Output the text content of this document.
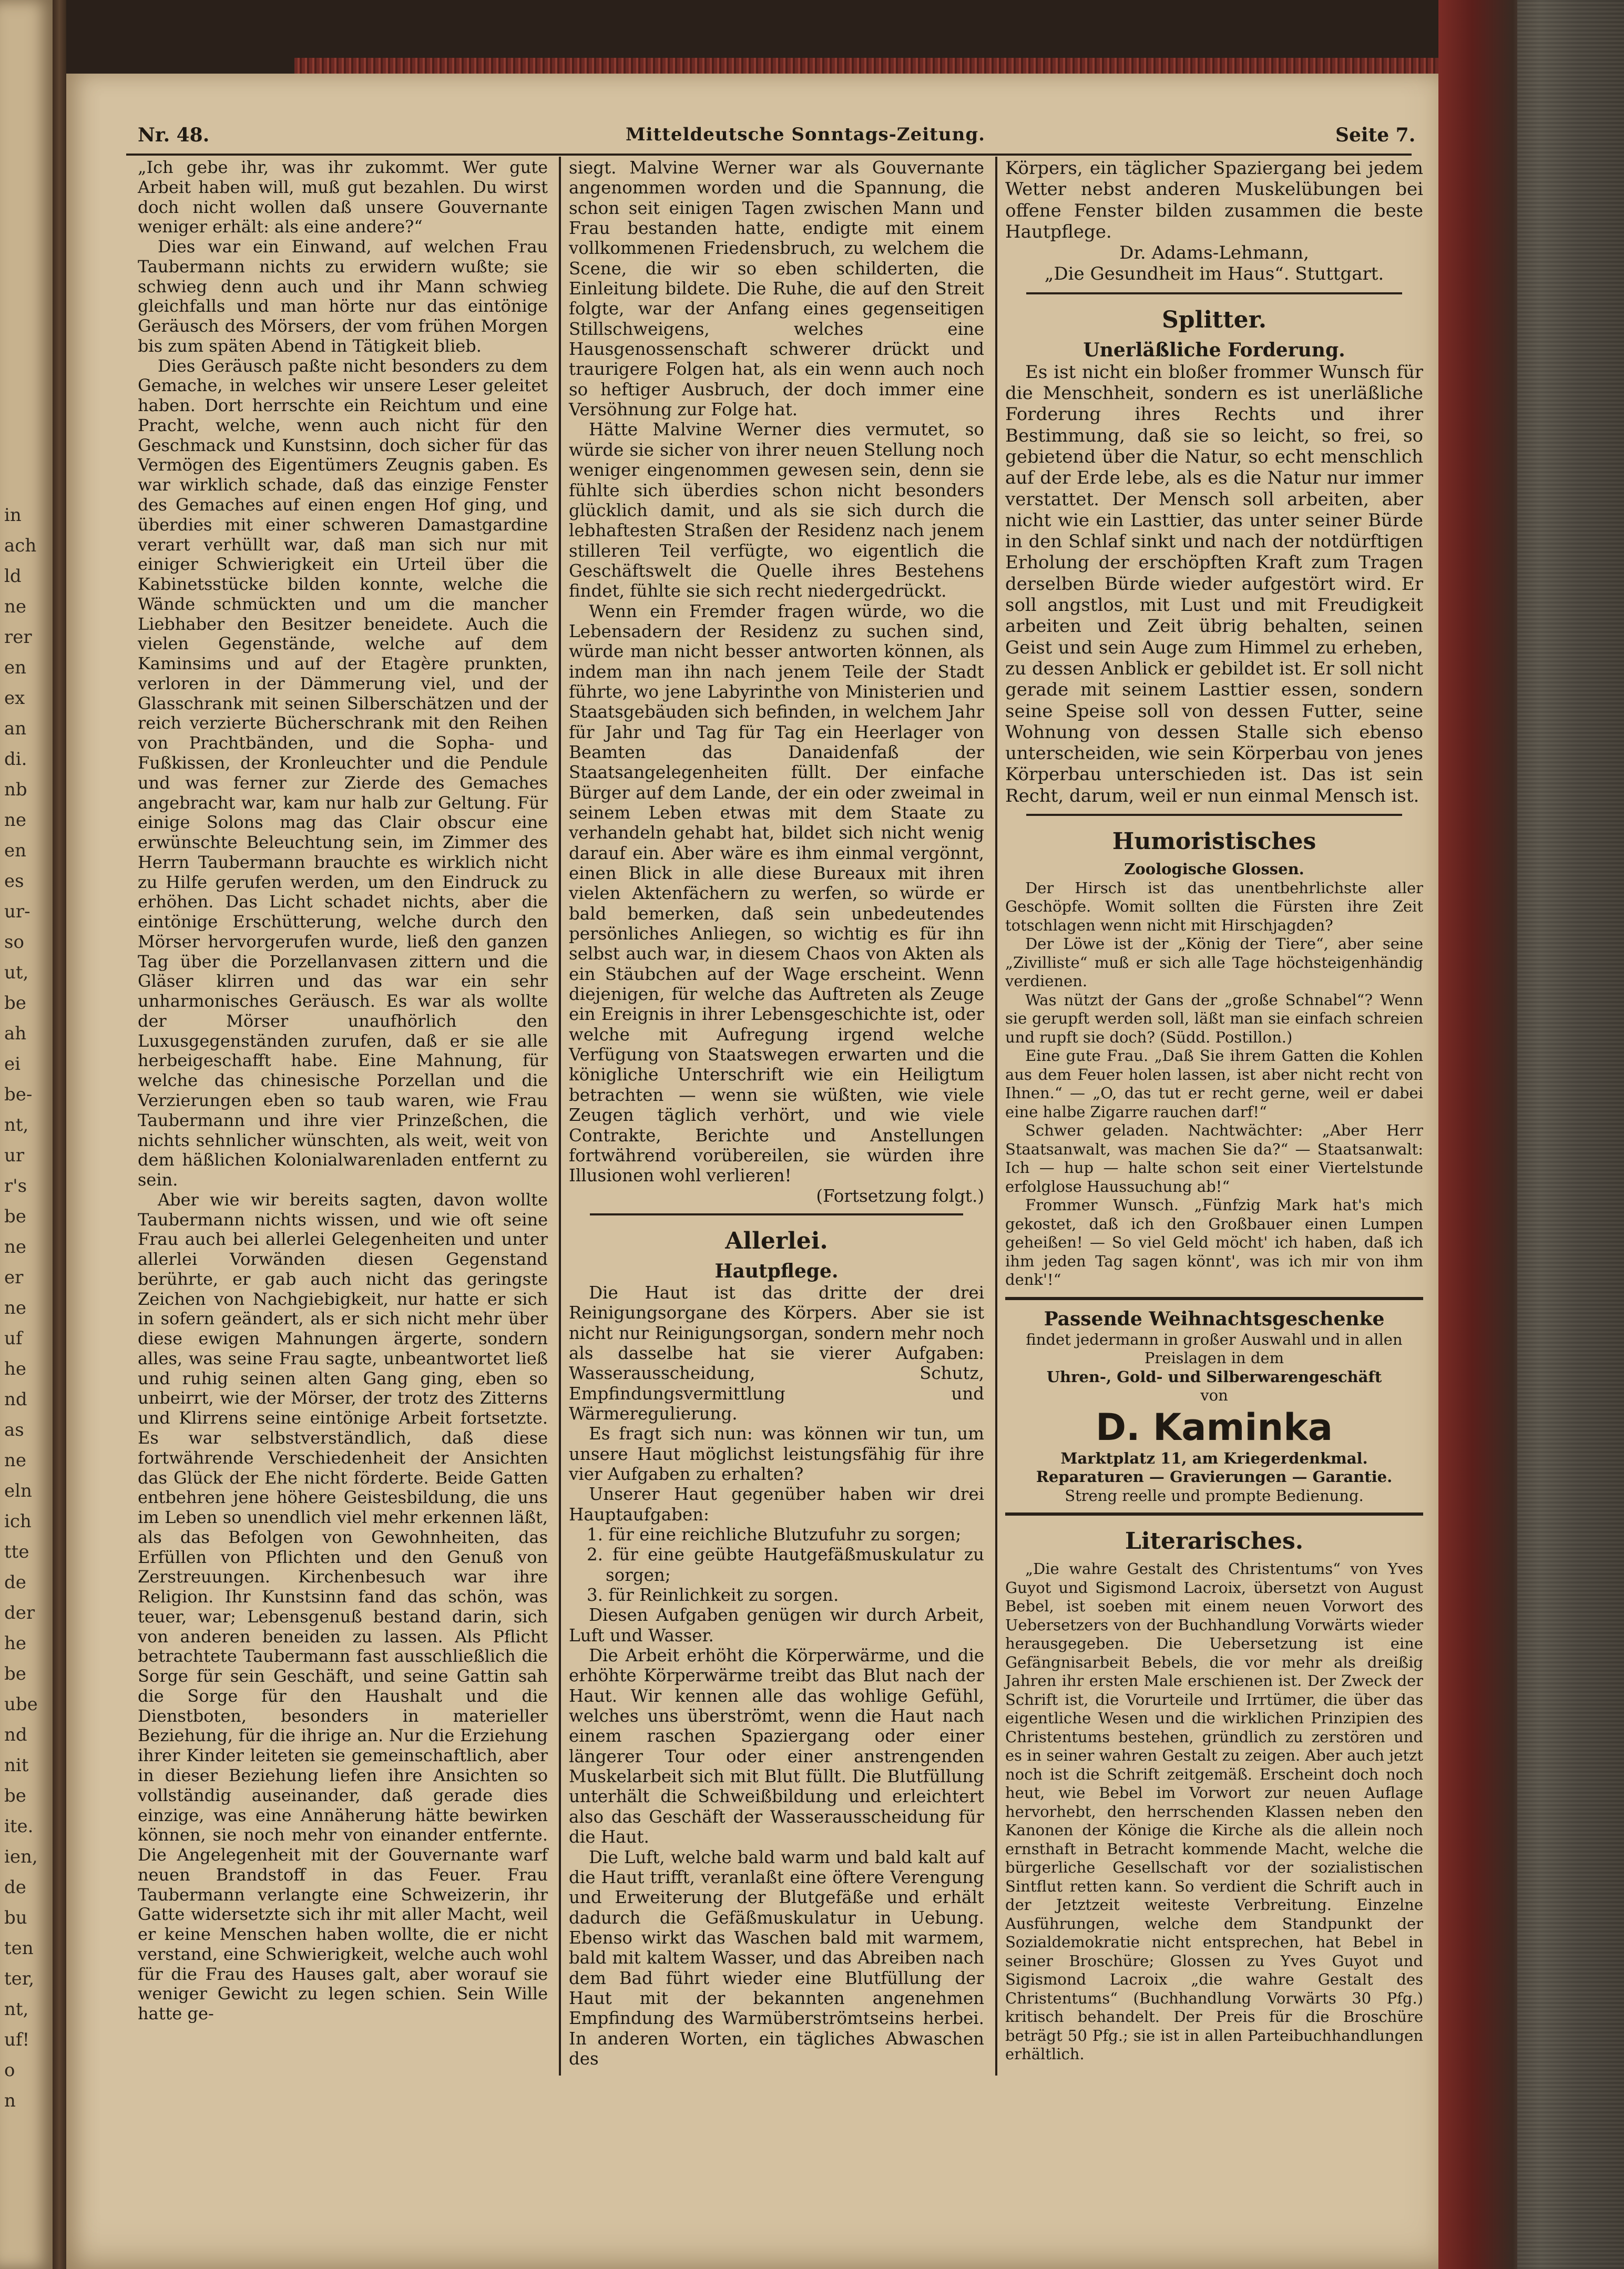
in
ach
ld
ne
rer
en
ex
an
di.
nb
ne
en
es
ur-
so
ut,
be
ah
ei
be-
nt,
ur
r's
be
ne
er
ne
uf
he
nd
as
ne
eln
ich
tte
de
der
he
be
ube
nd
nit
be
ite.
ien,
de
bu
ten
ter,
nt,
uf!
o
n
Nr. 48.	Mitteldeutsche Sonntags-Zeitung.	Seite 7.

„Ich gebe ihr, was ihr zukommt. Wer gute Arbeit haben will, muß gut bezahlen. Du wirst doch nicht wollen daß unsere Gouvernante weniger erhält: als eine andere?“

Dies war ein Einwand, auf welchen Frau Taubermann nichts zu erwidern wußte; sie schwieg denn auch und ihr Mann schwieg gleichfalls und man hörte nur das eintönige Geräusch des Mörsers, der vom frühen Morgen bis zum späten Abend in Tätigkeit blieb.

Dies Geräusch paßte nicht besonders zu dem Gemache, in welches wir unsere Leser geleitet haben. Dort herrschte ein Reichtum und eine Pracht, welche, wenn auch nicht für den Geschmack und Kunstsinn, doch sicher für das Vermögen des Eigentümers Zeugnis gaben. Es war wirklich schade, daß das einzige Fenster des Gemaches auf einen engen Hof ging, und überdies mit einer schweren Damastgardine verart verhüllt war, daß man sich nur mit einiger Schwierigkeit ein Urteil über die Kabinetsstücke bilden konnte, welche die Wände schmückten und um die mancher Liebhaber den Besitzer beneidete. Auch die vielen Gegenstände, welche auf dem Kaminsims und auf der Etagère prunkten, verloren in der Dämmerung viel, und der Glasschrank mit seinen Silberschätzen und der reich verzierte Bücherschrank mit den Reihen von Prachtbänden, und die Sopha- und Fußkissen, der Kronleuchter und die Pendule und was ferner zur Zierde des Gemaches angebracht war, kam nur halb zur Geltung. Für einige Solons mag das Clair obscur eine erwünschte Beleuchtung sein, im Zimmer des Herrn Taubermann brauchte es wirklich nicht zu Hilfe gerufen werden, um den Eindruck zu erhöhen. Das Licht schadet nichts, aber die eintönige Erschütterung, welche durch den Mörser hervorgerufen wurde, ließ den ganzen Tag über die Porzellanvasen zittern und die Gläser klirren und das war ein sehr unharmonisches Geräusch. Es war als wollte der Mörser unaufhörlich den Luxusgegenständen zurufen, daß er sie alle herbeigeschafft habe. Eine Mahnung, für welche das chinesische Porzellan und die Verzierungen eben so taub waren, wie Frau Taubermann und ihre vier Prinzeßchen, die nichts sehnlicher wünschten, als weit, weit von dem häßlichen Kolonialwarenladen entfernt zu sein.

Aber wie wir bereits sagten, davon wollte Taubermann nichts wissen, und wie oft seine Frau auch bei allerlei Gelegenheiten und unter allerlei Vorwänden diesen Gegenstand berührte, er gab auch nicht das geringste Zeichen von Nachgiebigkeit, nur hatte er sich in sofern geändert, als er sich nicht mehr über diese ewigen Mahnungen ärgerte, sondern alles, was seine Frau sagte, unbeantwortet ließ und ruhig seinen alten Gang ging, eben so unbeirrt, wie der Mörser, der trotz des Zitterns und Klirrens seine eintönige Arbeit fortsetzte. Es war selbstverständlich, daß diese fortwährende Verschiedenheit der Ansichten das Glück der Ehe nicht förderte. Beide Gatten entbehren jene höhere Geistesbildung, die uns im Leben so unendlich viel mehr erkennen läßt, als das Befolgen von Gewohnheiten, das Erfüllen von Pflichten und den Genuß von Zerstreuungen. Kirchenbesuch war ihre Religion. Ihr Kunstsinn fand das schön, was teuer, war; Lebensgenuß bestand darin, sich von anderen beneiden zu lassen. Als Pflicht betrachtete Taubermann fast ausschließlich die Sorge für sein Geschäft, und seine Gattin sah die Sorge für den Haushalt und die Dienstboten, besonders in materieller Beziehung, für die ihrige an. Nur die Erziehung ihrer Kinder leiteten sie gemeinschaftlich, aber in dieser Beziehung liefen ihre Ansichten so vollständig auseinander, daß gerade dies einzige, was eine Annäherung hätte bewirken können, sie noch mehr von einander entfernte. Die Angelegenheit mit der Gouvernante warf neuen Brandstoff in das Feuer. Frau Taubermann verlangte eine Schweizerin, ihr Gatte widersetzte sich ihr mit aller Macht, weil er keine Menschen haben wollte, die er nicht verstand, eine Schwierigkeit, welche auch wohl für die Frau des Hauses galt, aber worauf sie weniger Gewicht zu legen schien. Sein Wille hatte ge-

siegt. Malvine Werner war als Gouvernante angenommen worden und die Spannung, die schon seit einigen Tagen zwischen Mann und Frau bestanden hatte, endigte mit einem vollkommenen Friedensbruch, zu welchem die Scene, die wir so eben schilderten, die Einleitung bildete. Die Ruhe, die auf den Streit folgte, war der Anfang eines gegenseitigen Stillschweigens, welches eine Hausgenossenschaft schwerer drückt und traurigere Folgen hat, als ein wenn auch noch so heftiger Ausbruch, der doch immer eine Versöhnung zur Folge hat.

Hätte Malvine Werner dies vermutet, so würde sie sicher von ihrer neuen Stellung noch weniger eingenommen gewesen sein, denn sie fühlte sich überdies schon nicht besonders glücklich damit, und als sie sich durch die lebhaftesten Straßen der Residenz nach jenem stilleren Teil verfügte, wo eigentlich die Geschäftswelt die Quelle ihres Bestehens findet, fühlte sie sich recht niedergedrückt.

Wenn ein Fremder fragen würde, wo die Lebensadern der Residenz zu suchen sind, würde man nicht besser antworten können, als indem man ihn nach jenem Teile der Stadt führte, wo jene Labyrinthe von Ministerien und Staatsgebäuden sich befinden, in welchem Jahr für Jahr und Tag für Tag ein Heerlager von Beamten das Danaidenfaß der Staatsangelegenheiten füllt. Der einfache Bürger auf dem Lande, der ein oder zweimal in seinem Leben etwas mit dem Staate zu verhandeln gehabt hat, bildet sich nicht wenig darauf ein. Aber wäre es ihm einmal vergönnt, einen Blick in alle diese Bureaux mit ihren vielen Aktenfächern zu werfen, so würde er bald bemerken, daß sein unbedeutendes persönliches Anliegen, so wichtig es für ihn selbst auch war, in diesem Chaos von Akten als ein Stäubchen auf der Wage erscheint. Wenn diejenigen, für welche das Auftreten als Zeuge ein Ereignis in ihrer Lebensgeschichte ist, oder welche mit Aufregung irgend welche Verfügung von Staatswegen erwarten und die königliche Unterschrift wie ein Heiligtum betrachten — wenn sie wüßten, wie viele Zeugen täglich verhört, und wie viele Contrakte, Berichte und Anstellungen fortwährend vorübereilen, sie würden ihre Illusionen wohl verlieren!

(Fortsetzung folgt.)

Allerlei.
Hautpflege.

Die Haut ist das dritte der drei Reinigungsorgane des Körpers. Aber sie ist nicht nur Reinigungsorgan, sondern mehr noch als dasselbe hat sie vierer Aufgaben: Wasserausscheidung, Schutz, Empfindungsvermittlung und Wärmeregulierung.

Es fragt sich nun: was können wir tun, um unsere Haut möglichst leistungsfähig für ihre vier Aufgaben zu erhalten?

Unserer Haut gegenüber haben wir drei Hauptaufgaben:

1. für eine reichliche Blutzufuhr zu sorgen;

2. für eine geübte Hautgefäßmuskulatur zu sorgen;

3. für Reinlichkeit zu sorgen.

Diesen Aufgaben genügen wir durch Arbeit, Luft und Wasser.

Die Arbeit erhöht die Körperwärme, und die erhöhte Körperwärme treibt das Blut nach der Haut. Wir kennen alle das wohlige Gefühl, welches uns überströmt, wenn die Haut nach einem raschen Spaziergang oder einer längerer Tour oder einer anstrengenden Muskelarbeit sich mit Blut füllt. Die Blutfüllung unterhält die Schweißbildung und erleichtert also das Geschäft der Wasserausscheidung für die Haut.

Die Luft, welche bald warm und bald kalt auf die Haut trifft, veranlaßt eine öftere Verengung und Erweiterung der Blutgefäße und erhält dadurch die Gefäßmuskulatur in Uebung. Ebenso wirkt das Waschen bald mit warmem, bald mit kaltem Wasser, und das Abreiben nach dem Bad führt wieder eine Blutfüllung der Haut mit der bekannten angenehmen Empfindung des Warmüberströmtseins herbei. In anderen Worten, ein tägliches Abwaschen des

Körpers, ein täglicher Spaziergang bei jedem Wetter nebst anderen Muskelübungen bei offene Fenster bilden zusammen die beste Hautpflege.

Dr. Adams-Lehmann,

„Die Gesundheit im Haus“. Stuttgart.

Splitter.
Unerläßliche Forderung.

Es ist nicht ein bloßer frommer Wunsch für die Menschheit, sondern es ist unerläßliche Forderung ihres Rechts und ihrer Bestimmung, daß sie so leicht, so frei, so gebietend über die Natur, so echt menschlich auf der Erde lebe, als es die Natur nur immer verstattet. Der Mensch soll arbeiten, aber nicht wie ein Lasttier, das unter seiner Bürde in den Schlaf sinkt und nach der notdürftigen Erholung der erschöpften Kraft zum Tragen derselben Bürde wieder aufgestört wird. Er soll angstlos, mit Lust und mit Freudigkeit arbeiten und Zeit übrig behalten, seinen Geist und sein Auge zum Himmel zu erheben, zu dessen Anblick er gebildet ist. Er soll nicht gerade mit seinem Lasttier essen, sondern seine Speise soll von dessen Futter, seine Wohnung von dessen Stalle sich ebenso unterscheiden, wie sein Körperbau von jenes Körperbau unterschieden ist. Das ist sein Recht, darum, weil er nun einmal Mensch ist.

Humoristisches
Zoologische Glossen.

Der Hirsch ist das unentbehrlichste aller Geschöpfe. Womit sollten die Fürsten ihre Zeit totschlagen wenn nicht mit Hirschjagden?

Der Löwe ist der „König der Tiere“, aber seine „Zivilliste“ muß er sich alle Tage höchsteigenhändig verdienen.

Was nützt der Gans der „große Schnabel“? Wenn sie gerupft werden soll, läßt man sie einfach schreien und rupft sie doch? (Südd. Postillon.)

Eine gute Frau. „Daß Sie ihrem Gatten die Kohlen aus dem Feuer holen lassen, ist aber nicht recht von Ihnen.“ — „O, das tut er recht gerne, weil er dabei eine halbe Zigarre rauchen darf!“

Schwer geladen. Nachtwächter: „Aber Herr Staatsanwalt, was machen Sie da?“ — Staatsanwalt: Ich — hup — halte schon seit einer Viertelstunde erfolglose Haussuchung ab!“

Frommer Wunsch. „Fünfzig Mark hat's mich gekostet, daß ich den Großbauer einen Lumpen geheißen! — So viel Geld möcht' ich haben, daß ich ihm jeden Tag sagen könnt', was ich mir von ihm denk'!“

Passende Weihnachtsgeschenke
findet jedermann in großer Auswahl und in allen Preislagen in dem
Uhren-, Gold- und Silberwarengeschäft
von
D. Kaminka
Marktplatz 11, am Kriegerdenkmal.
Reparaturen — Gravierungen — Garantie.
Streng reelle und prompte Bedienung.
Literarisches.

„Die wahre Gestalt des Christentums“ von Yves Guyot und Sigismond Lacroix, übersetzt von August Bebel, ist soeben mit einem neuen Vorwort des Uebersetzers von der Buchhandlung Vorwärts wieder herausgegeben. Die Uebersetzung ist eine Gefängnisarbeit Bebels, die vor mehr als dreißig Jahren ihr ersten Male erschienen ist. Der Zweck der Schrift ist, die Vorurteile und Irrtümer, die über das eigentliche Wesen und die wirklichen Prinzipien des Christentums bestehen, gründlich zu zerstören und es in seiner wahren Gestalt zu zeigen. Aber auch jetzt noch ist die Schrift zeitgemäß. Erscheint doch noch heut, wie Bebel im Vorwort zur neuen Auflage hervorhebt, den herrschenden Klassen neben den Kanonen der Könige die Kirche als die allein noch ernsthaft in Betracht kommende Macht, welche die bürgerliche Gesellschaft vor der sozialistischen Sintflut retten kann. So verdient die Schrift auch in der Jetztzeit weiteste Verbreitung. Einzelne Ausführungen, welche dem Standpunkt der Sozialdemokratie nicht entsprechen, hat Bebel in seiner Broschüre; Glossen zu Yves Guyot und Sigismond Lacroix „die wahre Gestalt des Christentums“ (Buchhandlung Vorwärts 30 Pfg.) kritisch behandelt. Der Preis für die Broschüre beträgt 50 Pfg.; sie ist in allen Parteibuchhandlungen erhältlich.
